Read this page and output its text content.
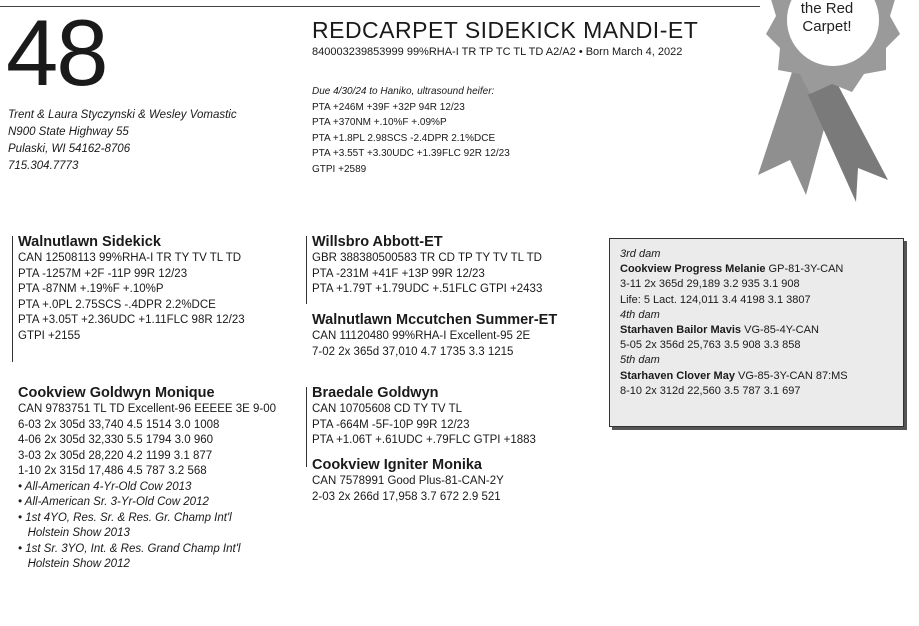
48
Trent & Laura Styczynski & Wesley Vomastic
N900 State Highway 55
Pulaski, WI 54162-8706
715.304.7773
REDCARPET SIDEKICK MANDI-ET
840003239853999 99%RHA-I TR TP TC TL TD A2/A2 • Born March 4, 2022
Due 4/30/24 to Haniko, ultrasound heifer:
PTA +246M +39F +32P 94R 12/23
PTA +370NM +.10%F +.09%P
PTA +1.8PL 2.98SCS -2.4DPR 2.1%DCE
PTA +3.55T +3.30UDC +1.39FLC 92R 12/23
GTPI +2589
the Red
Carpet!
Walnutlawn Sidekick
CAN 12508113 99%RHA-I TR TY TV TL TD
PTA -1257M +2F -11P 99R 12/23
PTA -87NM +.19%F +.10%P
PTA +.0PL 2.75SCS -.4DPR 2.2%DCE
PTA +3.05T +2.36UDC +1.11FLC 98R 12/23
GTPI +2155
Cookview Goldwyn Monique
CAN 9783751 TL TD Excellent-96 EEEEE 3E 9-00
6-03 2x 305d 33,740 4.5 1514 3.0 1008
4-06 2x 305d 32,330 5.5 1794 3.0 960
3-03 2x 305d 28,220 4.2 1199 3.1 877
1-10 2x 315d 17,486 4.5 787 3.2 568
• All-American 4-Yr-Old Cow 2013
• All-American Sr. 3-Yr-Old Cow 2012
• 1st 4YO, Res. Sr. & Res. Gr. Champ Int'l
Holstein Show 2013
• 1st Sr. 3YO, Int. & Res. Grand Champ Int'l
Holstein Show 2012
Willsbro Abbott-ET
GBR 388380500583 TR CD TP TY TV TL TD
PTA -231M +41F +13P 99R 12/23
PTA +1.79T +1.79UDC +.51FLC GTPI +2433
Walnutlawn Mccutchen Summer-ET
CAN 11120480 99%RHA-I Excellent-95 2E
7-02 2x 365d 37,010 4.7 1735 3.3 1215
Braedale Goldwyn
CAN 10705608 CD TY TV TL
PTA -664M -5F-10P 99R 12/23
PTA +1.06T +.61UDC +.79FLC GTPI +1883
Cookview Igniter Monika
CAN 7578991 Good Plus-81-CAN-2Y
2-03 2x 266d 17,958 3.7 672 2.9 521
3rd dam
Cookview Progress Melanie GP-81-3Y-CAN
3-11 2x 365d 29,189 3.2 935 3.1 908
Life: 5 Lact. 124,011 3.4 4198 3.1 3807
4th dam
Starhaven Bailor Mavis VG-85-4Y-CAN
5-05 2x 356d 25,763 3.5 908 3.3 858
5th dam
Starhaven Clover May VG-85-3Y-CAN 87:MS
8-10 2x 312d 22,560 3.5 787 3.1 697
